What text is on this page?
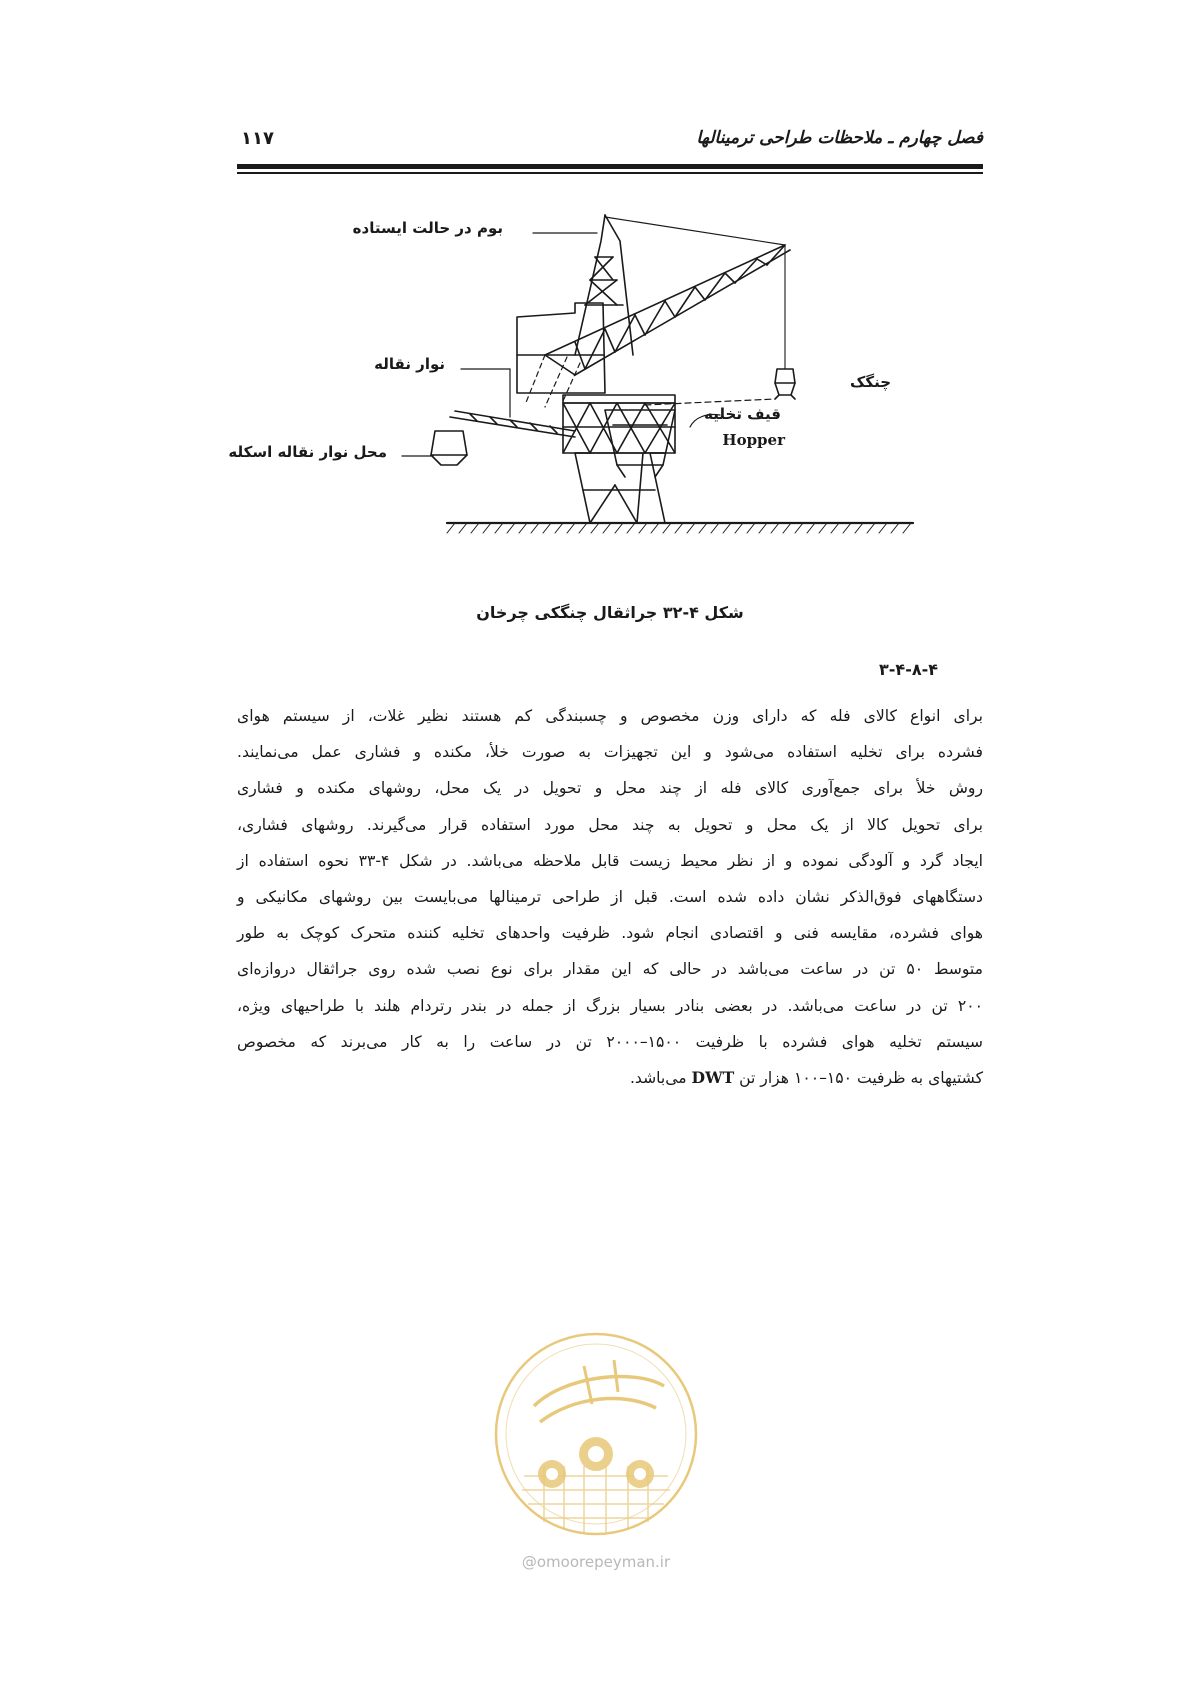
فصل چهارم ـ ملاحظات طراحی ترمینالها
۱۱۷
بوم در حالت ایستاده
نوار نقاله
محل نوار نقاله اسکله
چنگک
قیف تخلیه
Hopper
شکل ۴-۳۲ جراثقال چنگکی چرخان
۳-۴-۸-۴
برای انواع کالای فله که دارای وزن مخصوص و چسبندگی کم هستند نظیر غلات، از سیستم هوای
فشرده برای تخلیه استفاده می‌شود و این تجهیزات به صورت خلأ، مکنده و فشاری عمل می‌نمایند.
روش خلأ برای جمع‌آوری کالای فله از چند محل و تحویل در یک محل، روشهای مکنده و فشاری
برای تحویل کالا از یک محل و تحویل به چند محل مورد استفاده قرار می‌گیرند. روشهای فشاری،
ایجاد گرد و آلودگی نموده و از نظر محیط زیست قابل ملاحظه می‌باشد. در شکل ۴-۳۳ نحوه استفاده از
دستگاههای فوق‌الذکر نشان داده شده است. قبل از طراحی ترمینالها می‌بایست بین روشهای مکانیکی و
هوای فشرده، مقایسه فنی و اقتصادی انجام شود. ظرفیت واحدهای تخلیه کننده متحرک کوچک به طور
متوسط ۵۰ تن در ساعت می‌باشد در حالی که این مقدار برای نوع نصب شده روی جراثقال دروازه‌ای
۲۰۰ تن در ساعت می‌باشد. در بعضی بنادر بسیار بزرگ از جمله در بندر رتردام هلند با طراحیهای ویژه،
سیستم تخلیه هوای فشرده با ظرفیت ۱۵۰۰–۲۰۰۰ تن در ساعت را به کار می‌برند که مخصوص
کشتیهای به ظرفیت ۱۵۰–۱۰۰ هزار تن DWT می‌باشد.
@omoorepeyman.ir
